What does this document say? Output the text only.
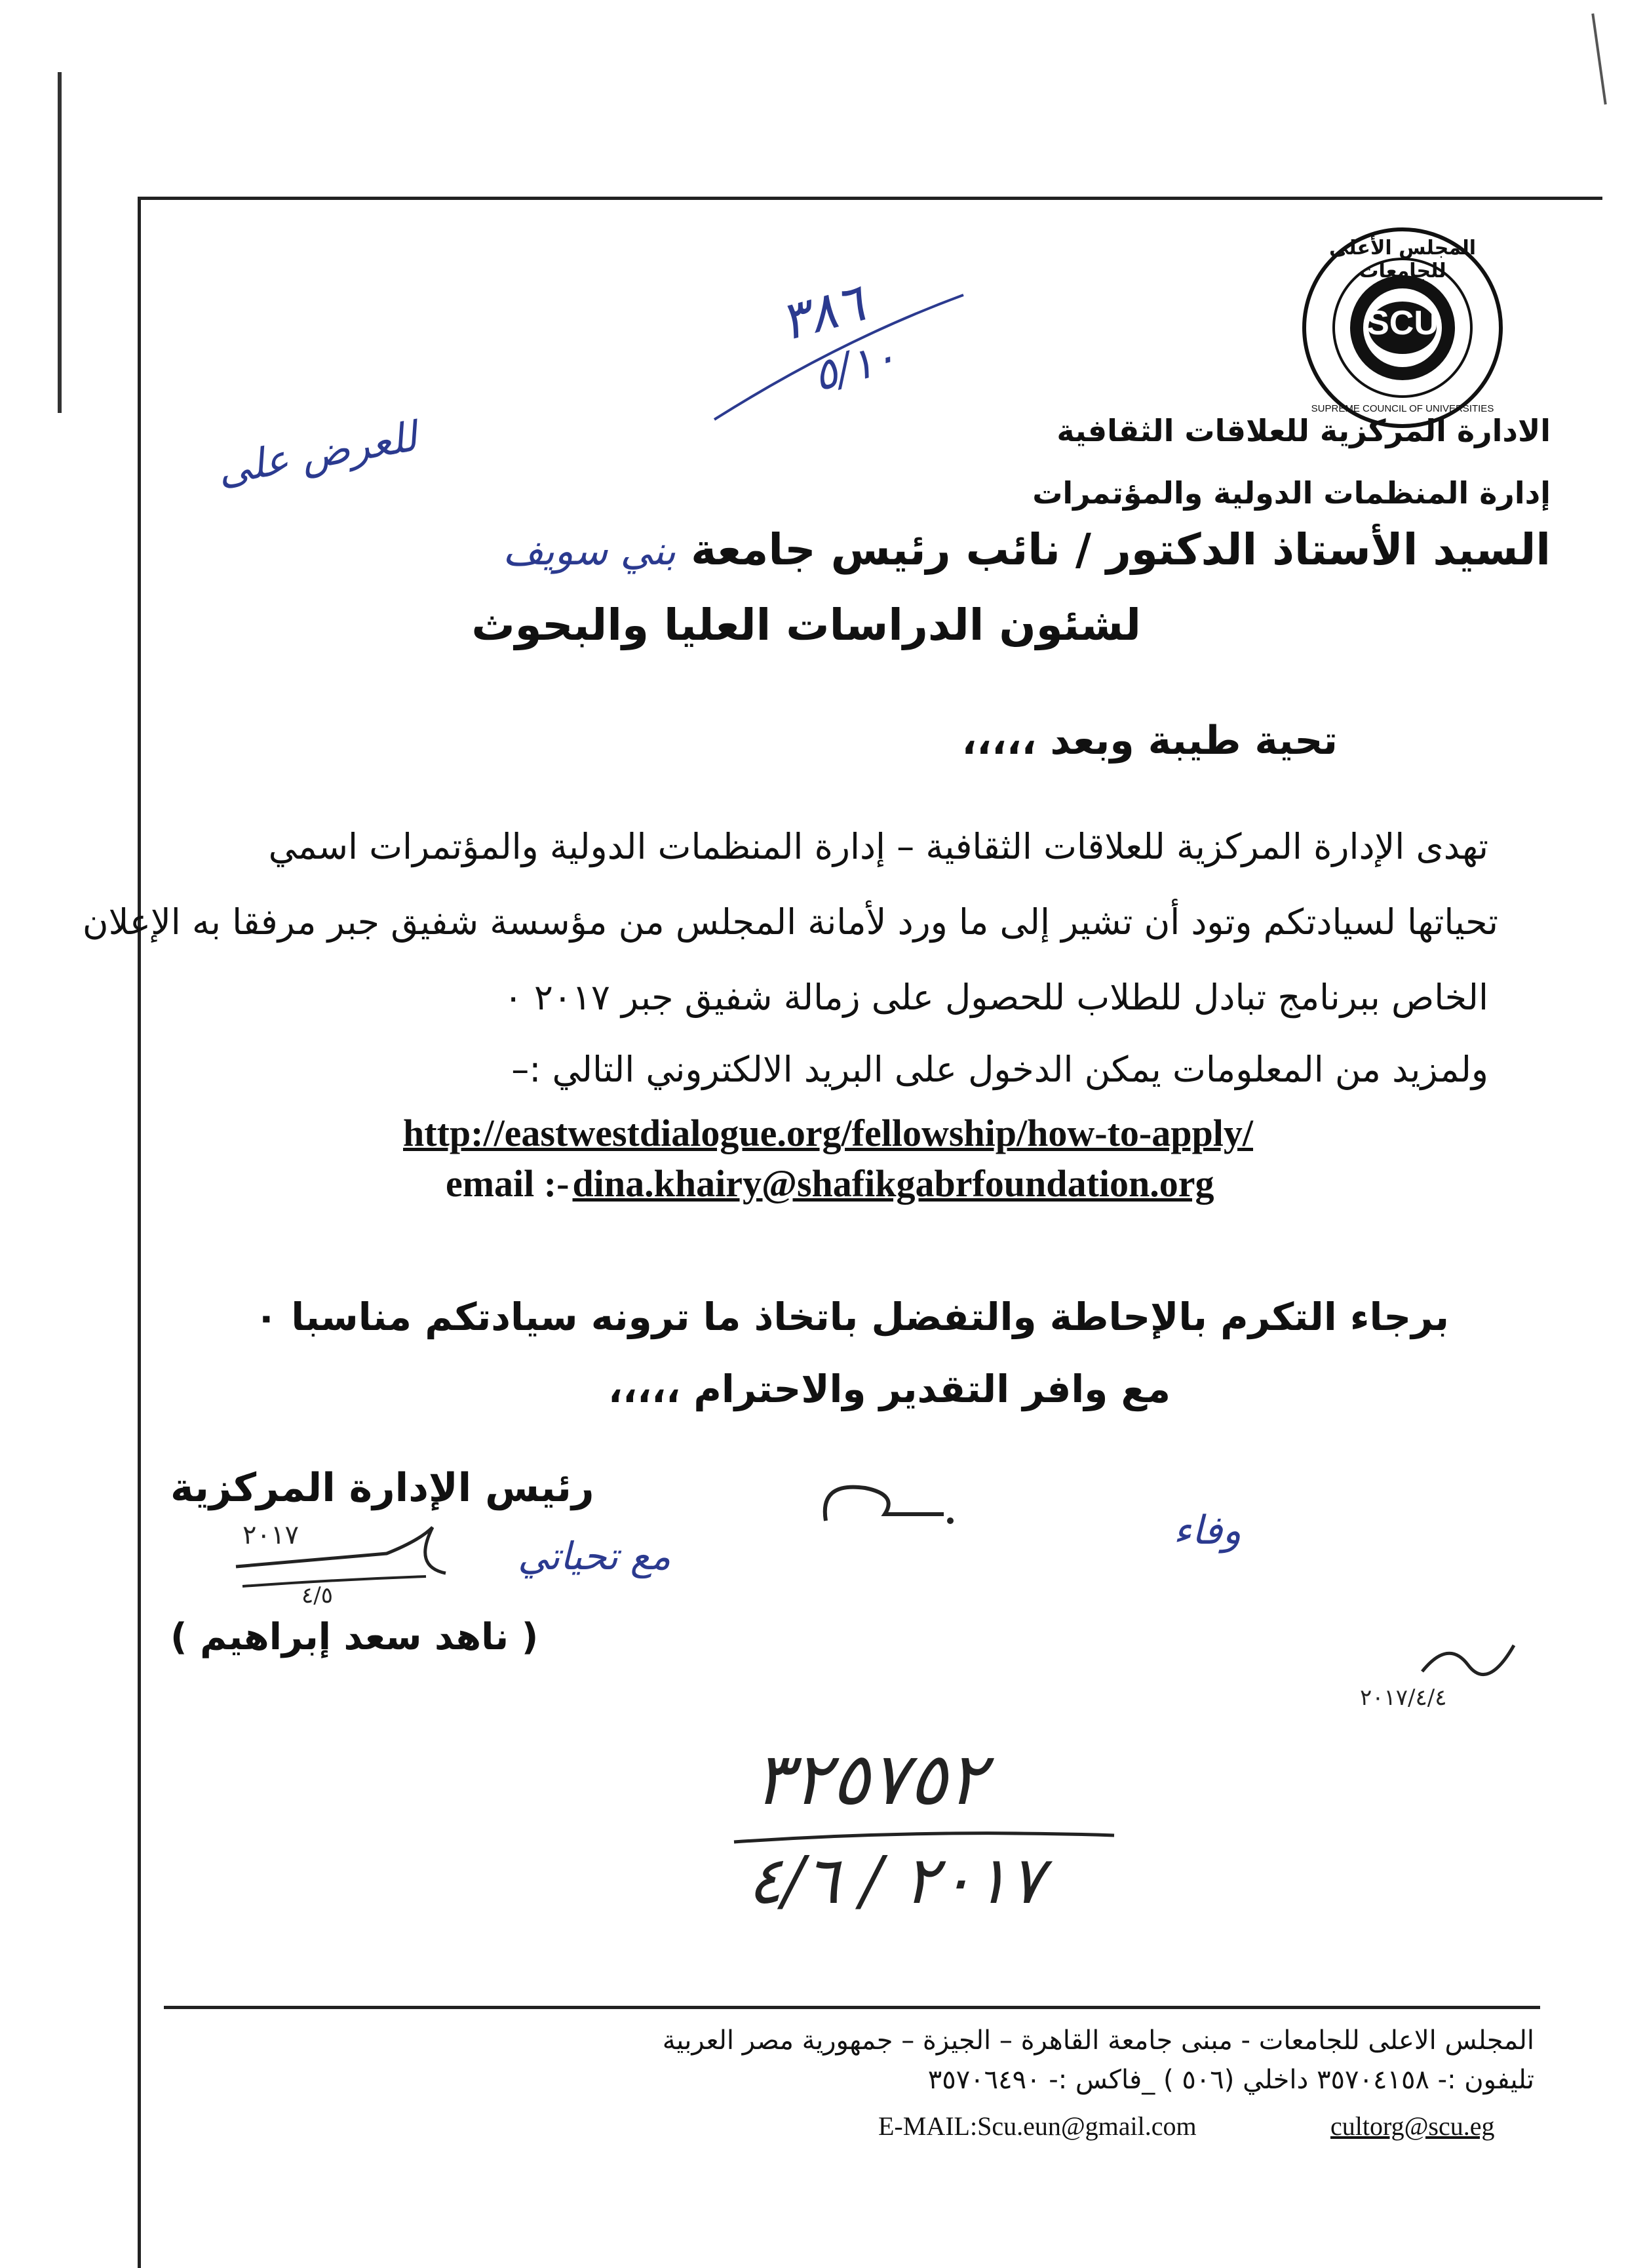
SCU
المجلس الأعلى للجامعات
SUPREME COUNCIL OF UNIVERSITIES
الادارة المركزية للعلاقات الثقافية
إدارة المنظمات الدولية والمؤتمرات
٣٨٦
٥/١٠
للعرض على
السيد الأستاذ الدكتور / نائب رئيس جامعة بني سويف
لشئون الدراسات العليا والبحوث
تحية طيبة وبعد ،،،،،
تهدى الإدارة المركزية للعلاقات الثقافية – إدارة المنظمات الدولية والمؤتمرات اسمي
تحياتها لسيادتكم وتود أن تشير إلى ما ورد لأمانة المجلس من مؤسسة شفيق جبر مرفقا به الإعلان
الخاص ببرنامج تبادل للطلاب للحصول على زمالة شفيق جبر ٢٠١٧ ٠
ولمزيد من المعلومات يمكن الدخول على البريد الالكتروني التالي :–
http://eastwestdialogue.org/fellowship/how-to-apply/
email :- dina.khairy@shafikgabrfoundation.org
برجاء التكرم بالإحاطة والتفضل باتخاذ ما ترونه سيادتكم مناسبا ٠
مع وافر التقدير والاحترام ،،،،،
رئيس الإدارة المركزية
٢٠١٧
٤/٥
( ناهد سعد إبراهيم )
مع تحياتي
وفاء
٢٠١٧/٤/٤
٣٢٥٧٥٢
٢٠١٧ / ٤/٦
المجلس الاعلى للجامعات - مبنى جامعة القاهرة – الجيزة – جمهورية مصر العربية
تليفون :- ٣٥٧٠٤١٥٨ داخلي (٥٠٦ ) _فاكس :- ٣٥٧٠٦٤٩٠
E-MAIL:Scu.eun@gmail.com	cultorg@scu.eg
